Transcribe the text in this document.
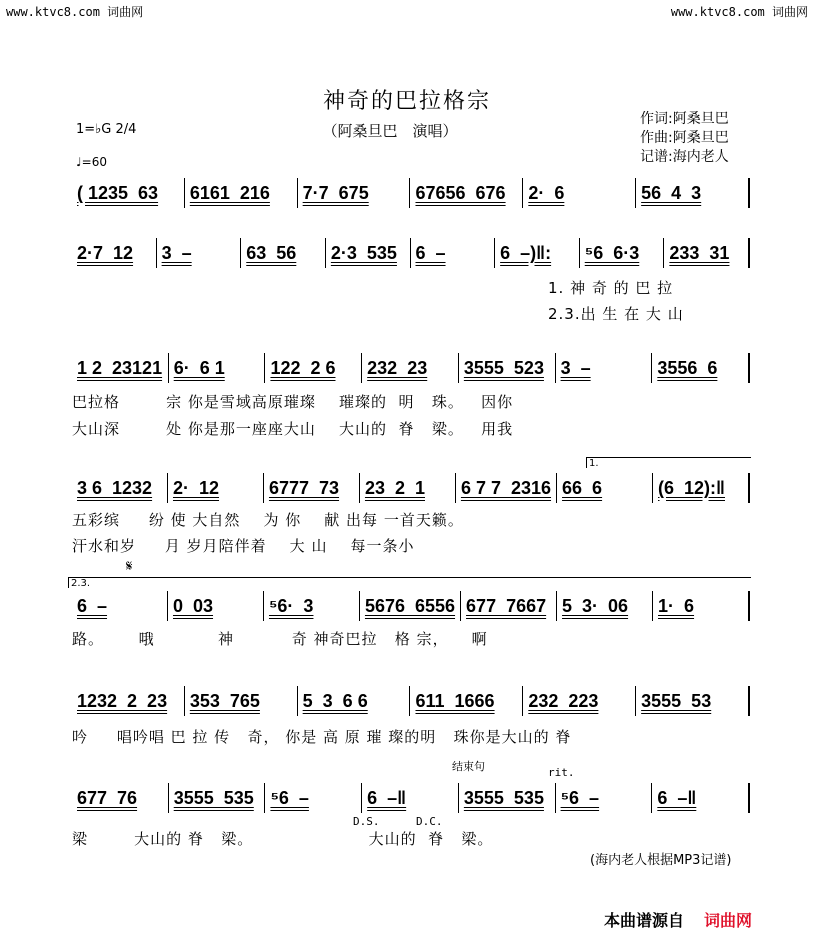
www.ktvc8.com 词曲网	www.ktvc8.com 词曲网
神奇的巴拉格宗
（阿桑旦巴　演唱）
作词:阿桑旦巴
作曲:阿桑旦巴
记谱:海内老人
1=♭G 2/4
♩=60
( 1235  63	6161  216	7·7  675	67656  676	2·  6	56  4  3
2·7  12	3  –	63  56	2·3  535	6  –	6  –)‖:	⁵6  6·3	233  31
1 2  23121 6·  6 1	122  2 6	232  23	3555  523 3  –	3556  6
3 6  1232	2·  12	6777  73	23  2  1	6 7 7  2316 66  6	(6  12):‖
6  –	0  03	⁵6·  3	5676  6556 677  7667 5  3·  06	1·  6
1232  2  23	353  765	5  3  6 6	611  1666	232  223	3555  53
677  76	3555  535 ⁵6  –	6  –‖	3555  535 ⁵6  –	6  –‖
1. 神 奇 的 巴 拉
2.3.出 生 在 大 山
巴拉格        宗 你是雪域高原璀璨    璀璨的  明   珠。   因你
大山深        处 你是那一座座大山    大山的  脊   梁。   用我
五彩缤     纷 使 大自然    为 你    献 出每 一首天籁。
汗水和岁     月 岁月陪伴着    大 山    每一条小
路。      哦           神          奇 神奇巴拉   格 宗，    啊
吟     唱吟唱 巴 拉 传   奇， 你是 高 原 璀 璨的明   珠你是大山的 脊
梁        大山的 脊   梁。                    大山的  脊   梁。
1.
2.3.
𝄋
D.S.	D.C.
结束句	rit.
(海内老人根据MP3记谱)
本曲谱源自 词曲网
